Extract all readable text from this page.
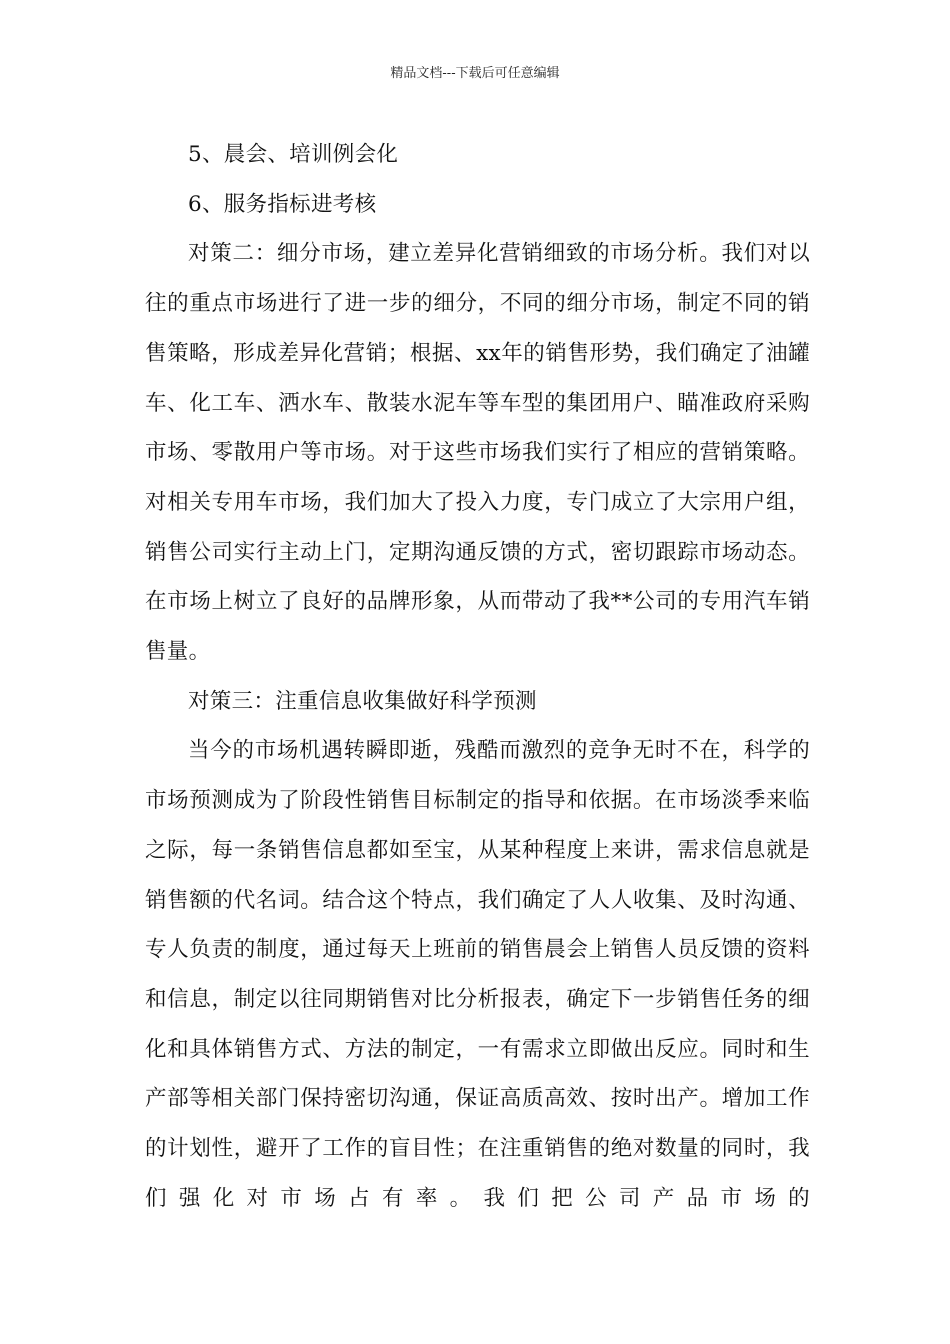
精品文档---下载后可任意编辑

5、晨会、培训例会化

6、服务指标进考核

对策二：细分市场，建立差异化营销细致的市场分析。我们对以往的重点市场进行了进一步的细分，不同的细分市场，制定不同的销售策略，形成差异化营销；根据、xx年的销售形势，我们确定了油罐车、化工车、洒水车、散装水泥车等车型的集团用户、瞄准政府采购市场、零散用户等市场。对于这些市场我们实行了相应的营销策略。对相关专用车市场，我们加大了投入力度，专门成立了大宗用户组，销售公司实行主动上门，定期沟通反馈的方式，密切跟踪市场动态。在市场上树立了良好的品牌形象，从而带动了我**公司的专用汽车销售量。

对策三：注重信息收集做好科学预测

当今的市场机遇转瞬即逝，残酷而激烈的竞争无时不在，科学的市场预测成为了阶段性销售目标制定的指导和依据。在市场淡季来临之际，每一条销售信息都如至宝，从某种程度上来讲，需求信息就是销售额的代名词。结合这个特点，我们确定了人人收集、及时沟通、专人负责的制度，通过每天上班前的销售晨会上销售人员反馈的资料和信息，制定以往同期销售对比分析报表，确定下一步销售任务的细化和具体销售方式、方法的制定，一有需求立即做出反应。同时和生产部等相关部门保持密切沟通，保证高质高效、按时出产。增加工作的计划性，避开了工作的盲目性；在注重销售的绝对数量的同时，我们强化对市场占有率。我们把公司产品市场的
